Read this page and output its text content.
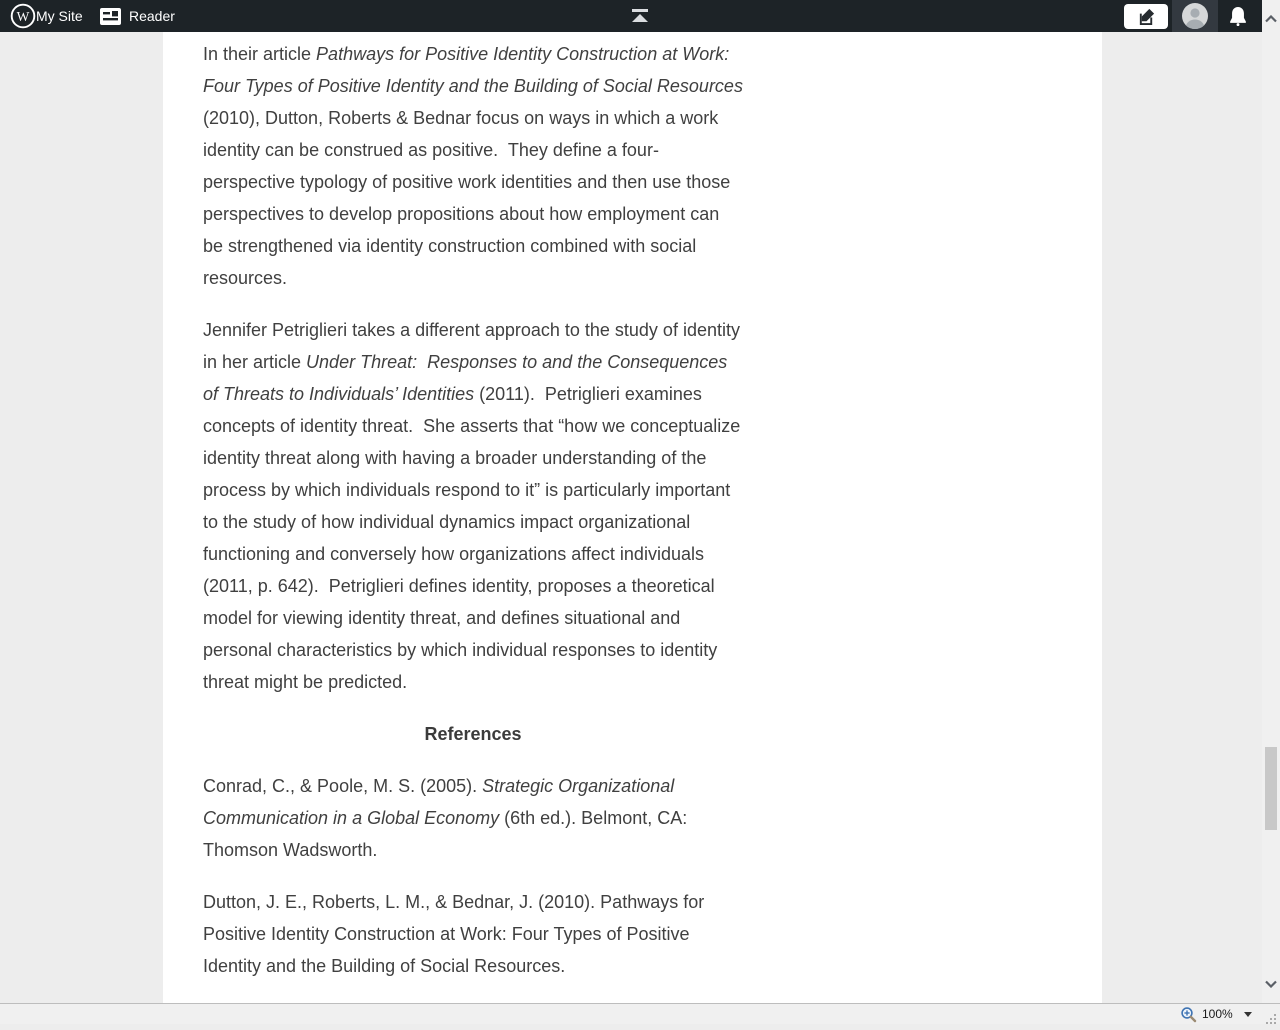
W My Site	Reader

In their article Pathways for Positive Identity Construction at Work: Four Types of Positive Identity and the Building of Social Resources (2010), Dutton, Roberts & Bednar focus on ways in which a work identity can be construed as positive.  They define a four-perspective typology of positive work identities and then use those perspectives to develop propositions about how employment can be strengthened via identity construction combined with social resources.

Jennifer Petriglieri takes a different approach to the study of identity in her article Under Threat:  Responses to and the Consequences of Threats to Individuals’ Identities (2011).  Petriglieri examines concepts of identity threat.  She asserts that “how we conceptualize identity threat along with having a broader understanding of the process by which individuals respond to it” is particularly important to the study of how individual dynamics impact organizational functioning and conversely how organizations affect individuals (2011, p. 642).  Petriglieri defines identity, proposes a theoretical model for viewing identity threat, and defines situational and personal characteristics by which individual responses to identity threat might be predicted.

References

Conrad, C., & Poole, M. S. (2005). Strategic Organizational Communication in a Global Economy (6th ed.). Belmont, CA: Thomson Wadsworth.

Dutton, J. E., Roberts, L. M., & Bednar, J. (2010). Pathways for Positive Identity Construction at Work: Four Types of Positive Identity and the Building of Social Resources.

100%
